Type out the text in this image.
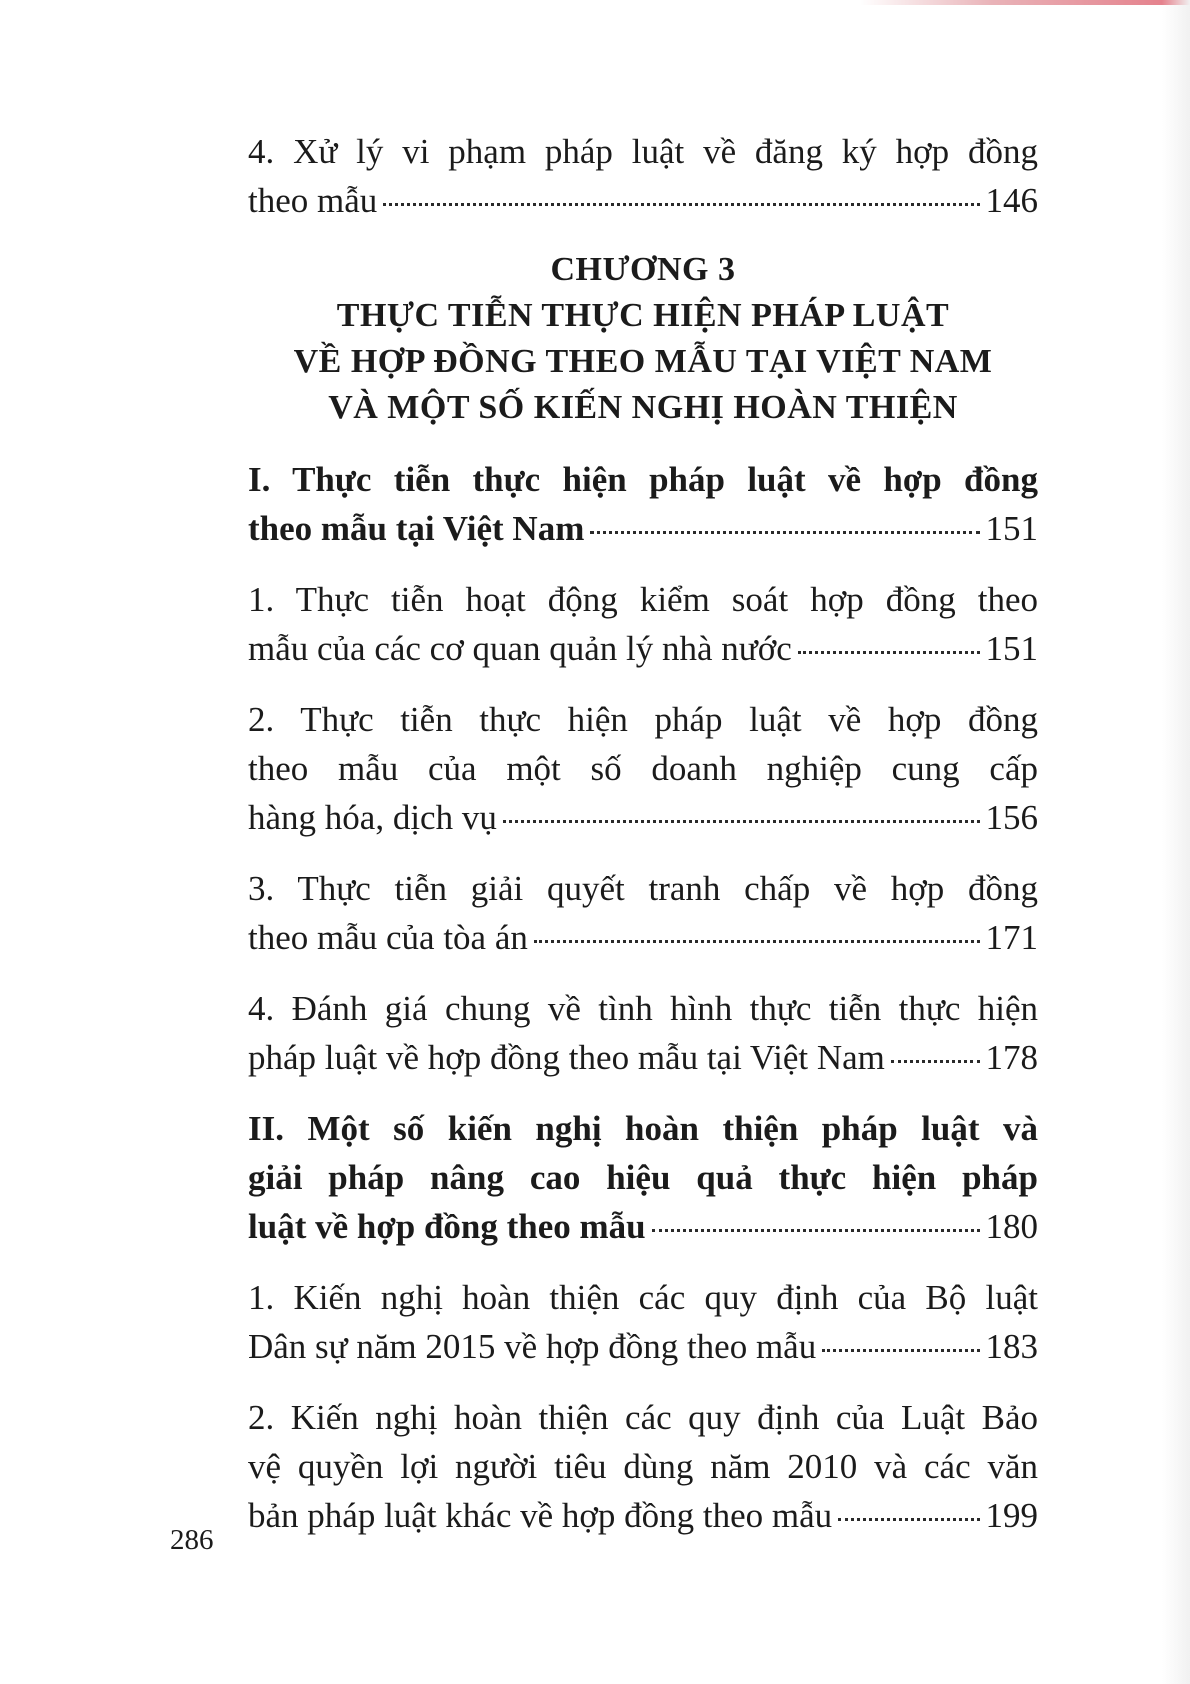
4. Xử lý vi phạm pháp luật về đăng ký hợp đồng
theo mẫu	146
CHƯƠNG 3
THỰC TIỄN THỰC HIỆN PHÁP LUẬT
VỀ HỢP ĐỒNG THEO MẪU TẠI VIỆT NAM
VÀ MỘT SỐ KIẾN NGHỊ HOÀN THIỆN
I. Thực tiễn thực hiện pháp luật về hợp đồng
theo mẫu tại Việt Nam	151
1. Thực tiễn hoạt động kiểm soát hợp đồng theo
mẫu của các cơ quan quản lý nhà nước	151
2. Thực tiễn thực hiện pháp luật về hợp đồng
theo mẫu của một số doanh nghiệp cung cấp
hàng hóa, dịch vụ	156
3. Thực tiễn giải quyết tranh chấp về hợp đồng
theo mẫu của tòa án	171
4. Đánh giá chung về tình hình thực tiễn thực hiện
pháp luật về hợp đồng theo mẫu tại Việt Nam	178
II. Một số kiến nghị hoàn thiện pháp luật và
giải pháp nâng cao hiệu quả thực hiện pháp
luật về hợp đồng theo mẫu	180
1. Kiến nghị hoàn thiện các quy định của Bộ luật
Dân sự năm 2015 về hợp đồng theo mẫu	183
2. Kiến nghị hoàn thiện các quy định của Luật Bảo
vệ quyền lợi người tiêu dùng năm 2010 và các văn
bản pháp luật khác về hợp đồng theo mẫu	199
286
